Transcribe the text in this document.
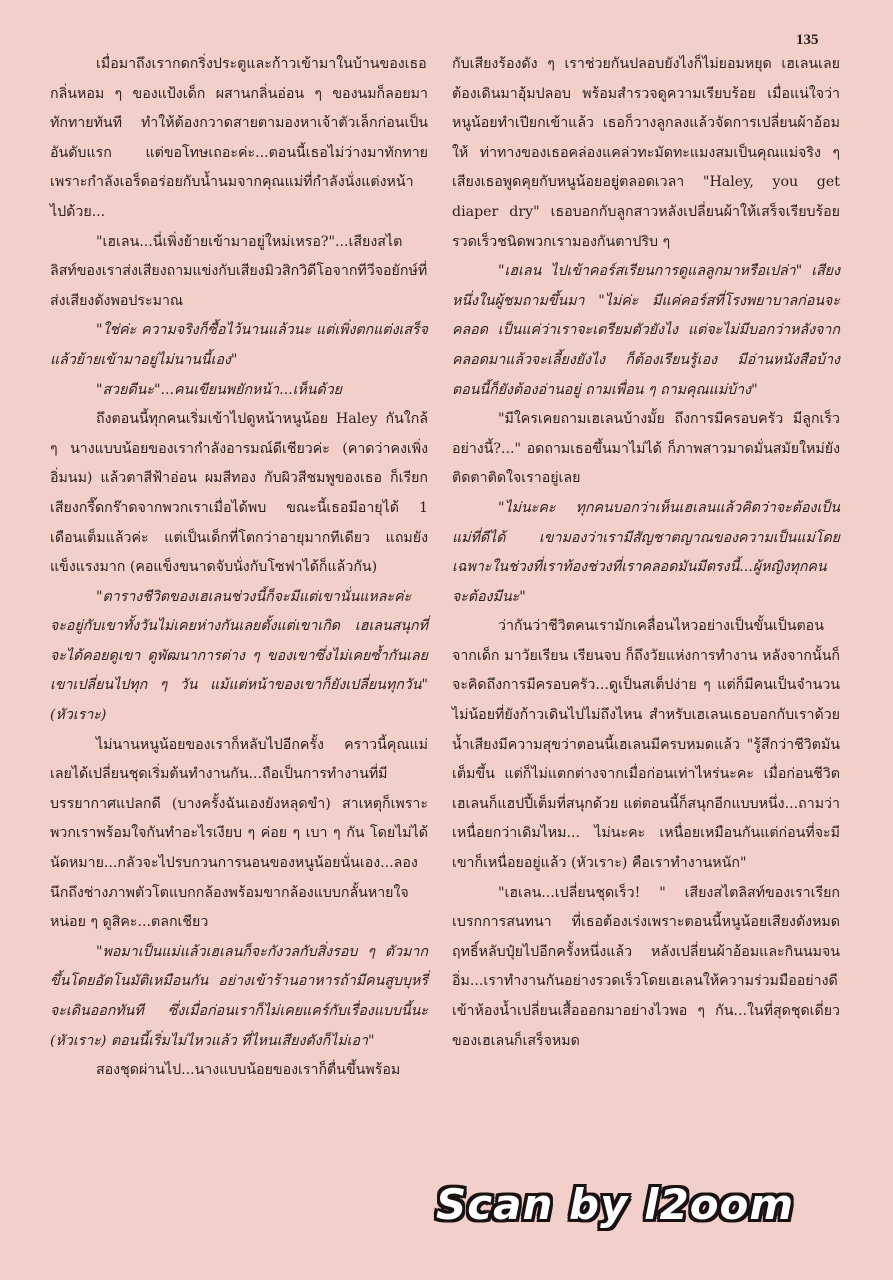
135

เมื่อมาถึงเรากดกริ่งประตูและก้าวเข้ามาในบ้านของเธอ กลิ่นหอม ๆ ของแป้งเด็ก ผสานกลิ่นอ่อน ๆ ของนมก็ลอยมาทักทายทันที ทำให้ต้องกวาดสายตามองหาเจ้าตัวเล็กก่อนเป็นอันดับแรก แต่ขอโทษเถอะค่ะ...ตอนนี้เธอไม่ว่างมาทักทาย เพราะกำลังเอร็ดอร่อยกับน้ำนมจากคุณแม่ที่กำลังนั่งแต่งหน้าไปด้วย...

"เฮเลน...นี่เพิ่งย้ายเข้ามาอยู่ใหม่เหรอ?"...เสียงสไตลิสท์ของเราส่งเสียงถามแข่งกับเสียงมิวสิกวิดีโอจากทีวีจอยักษ์ที่ส่งเสียงดังพอประมาณ

"ใช่ค่ะ ความจริงก็ซื้อไว้นานแล้วนะ แต่เพิ่งตกแต่งเสร็จ แล้วย้ายเข้ามาอยู่ไม่นานนี้เอง"

"สวยดีนะ"...คนเขียนพยักหน้า...เห็นด้วย

ถึงตอนนี้ทุกคนเริ่มเข้าไปดูหน้าหนูน้อย Haley กันใกล้ ๆ นางแบบน้อยของเรากำลังอารมณ์ดีเชียวค่ะ (คาดว่าคงเพิ่งอิ่มนม) แล้วตาสีฟ้าอ่อน ผมสีทอง กับผิวสีชมพูของเธอ ก็เรียกเสียงกรี๊ดกร๊าดจากพวกเราเมื่อได้พบ ขณะนี้เธอมีอายุได้ 1 เดือนเต็มแล้วค่ะ แต่เป็นเด็กที่โตกว่าอายุมากทีเดียว แถมยังแข็งแรงมาก (คอแข็งขนาดจับนั่งกับโซฟาได้ก็แล้วกัน)

"ตารางชีวิตของเฮเลนช่วงนี้ก็จะมีแต่เขานั่นแหละค่ะ จะอยู่กับเขาทั้งวันไม่เคยห่างกันเลยตั้งแต่เขาเกิด เฮเลนสนุกที่จะได้คอยดูเขา ดูพัฒนาการต่าง ๆ ของเขาซึ่งไม่เคยซ้ำกันเลย เขาเปลี่ยนไปทุก ๆ วัน แม้แต่หน้าของเขาก็ยังเปลี่ยนทุกวัน" (หัวเราะ)

ไม่นานหนูน้อยของเราก็หลับไปอีกครั้ง คราวนี้คุณแม่เลยได้เปลี่ยนชุดเริ่มต้นทำงานกัน...ถือเป็นการทำงานที่มีบรรยากาศแปลกดี (บางครั้งฉันเองยังหลุดขำ) สาเหตุก็เพราะพวกเราพร้อมใจกันทำอะไรเงียบ ๆ ค่อย ๆ เบา ๆ กัน โดยไม่ได้นัดหมาย...กลัวจะไปรบกวนการนอนของหนูน้อยนั่นเอง...ลองนึกถึงช่างภาพตัวโตแบกกล้องพร้อมขากล้องแบบกลั้นหายใจหน่อย ๆ ดูสิคะ...ตลกเชียว

"พอมาเป็นแม่แล้วเฮเลนก็จะกังวลกับสิ่งรอบ ๆ ตัวมากขึ้นโดยอัตโนมัติเหมือนกัน อย่างเข้าร้านอาหารถ้ามีคนสูบบุหรี่จะเดินออกทันที ซึ่งเมื่อก่อนเราก็ไม่เคยแคร์กับเรื่องแบบนี้นะ (หัวเราะ) ตอนนี้เริ่มไม่ไหวแล้ว ที่ไหนเสียงดังก็ไม่เอา"

สองชุดผ่านไป...นางแบบน้อยของเราก็ตื่นขึ้นพร้อม

กับเสียงร้องดัง ๆ เราช่วยกันปลอบยังไงก็ไม่ยอมหยุด เฮเลนเลยต้องเดินมาอุ้มปลอบ พร้อมสำรวจดูความเรียบร้อย เมื่อแน่ใจว่าหนูน้อยทำเปียกเข้าแล้ว เธอก็วางลูกลงแล้วจัดการเปลี่ยนผ้าอ้อมให้ ท่าทางของเธอคล่องแคล่วทะมัดทะแมงสมเป็นคุณแม่จริง ๆ เสียงเธอพูดคุยกับหนูน้อยอยู่ตลอดเวลา "Haley, you get diaper dry" เธอบอกกับลูกสาวหลังเปลี่ยนผ้าให้เสร็จเรียบร้อย รวดเร็วชนิดพวกเรามองกันตาปริบ ๆ

"เฮเลน ไปเข้าคอร์สเรียนการดูแลลูกมาหรือเปล่า" เสียงหนึ่งในผู้ชมถามขึ้นมา "ไม่ค่ะ มีแค่คอร์สที่โรงพยาบาลก่อนจะคลอด เป็นแค่ว่าเราจะเตรียมตัวยังไง แต่จะไม่มีบอกว่าหลังจากคลอดมาแล้วจะเลี้ยงยังไง ก็ต้องเรียนรู้เอง มีอ่านหนังสือบ้าง ตอนนี้ก็ยังต้องอ่านอยู่ ถามเพื่อน ๆ ถามคุณแม่บ้าง"

"มีใครเคยถามเฮเลนบ้างมั้ย ถึงการมีครอบครัว มีลูกเร็วอย่างนี้?..." อดถามเธอขึ้นมาไม่ได้ ก็ภาพสาวมาดมั่นสมัยใหม่ยังติดตาติดใจเราอยู่เลย

"ไม่นะคะ ทุกคนบอกว่าเห็นเฮเลนแล้วคิดว่าจะต้องเป็นแม่ที่ดีได้ เขามองว่าเรามีสัญชาตญาณของความเป็นแม่โดยเฉพาะในช่วงที่เราท้องช่วงที่เราคลอดมันมีตรงนี้...ผู้หญิงทุกคนจะต้องมีนะ"

ว่ากันว่าชีวิตคนเรามักเคลื่อนไหวอย่างเป็นขั้นเป็นตอน จากเด็ก มาวัยเรียน เรียนจบ ก็ถึงวัยแห่งการทำงาน หลังจากนั้นก็จะคิดถึงการมีครอบครัว...ดูเป็นสเต็ปง่าย ๆ แต่ก็มีคนเป็นจำนวนไม่น้อยที่ยังก้าวเดินไปไม่ถึงไหน สำหรับเฮเลนเธอบอกกับเราด้วยน้ำเสียงมีความสุขว่าตอนนี้เฮเลนมีครบหมดแล้ว "รู้สึกว่าชีวิตมันเต็มขึ้น แต่ก็ไม่แตกต่างจากเมื่อก่อนเท่าไหร่นะคะ เมื่อก่อนชีวิตเฮเลนก็แฮปปี้เต็มที่สนุกด้วย แต่ตอนนี้ก็สนุกอีกแบบหนึ่ง...ถามว่าเหนื่อยกว่าเดิมไหม... ไม่นะคะ เหนื่อยเหมือนกันแต่ก่อนที่จะมีเขาก็เหนื่อยอยู่แล้ว (หัวเราะ) คือเราทำงานหนัก"

"เฮเลน...เปลี่ยนชุดเร็ว! " เสียงสไตลิสท์ของเราเรียกเบรกการสนทนา ที่เธอต้องเร่งเพราะตอนนี้หนูน้อยเสียงดังหมดฤทธิ์หลับปุ๋ยไปอีกครั้งหนึ่งแล้ว หลังเปลี่ยนผ้าอ้อมและกินนมจนอิ่ม...เราทำงานกันอย่างรวดเร็วโดยเฮเลนให้ความร่วมมืออย่างดี เข้าห้องน้ำเปลี่ยนเสื้อออกมาอย่างไวพอ ๆ กัน...ในที่สุดชุดเดี่ยวของเฮเลนก็เสร็จหมด

Scan by l2oom
